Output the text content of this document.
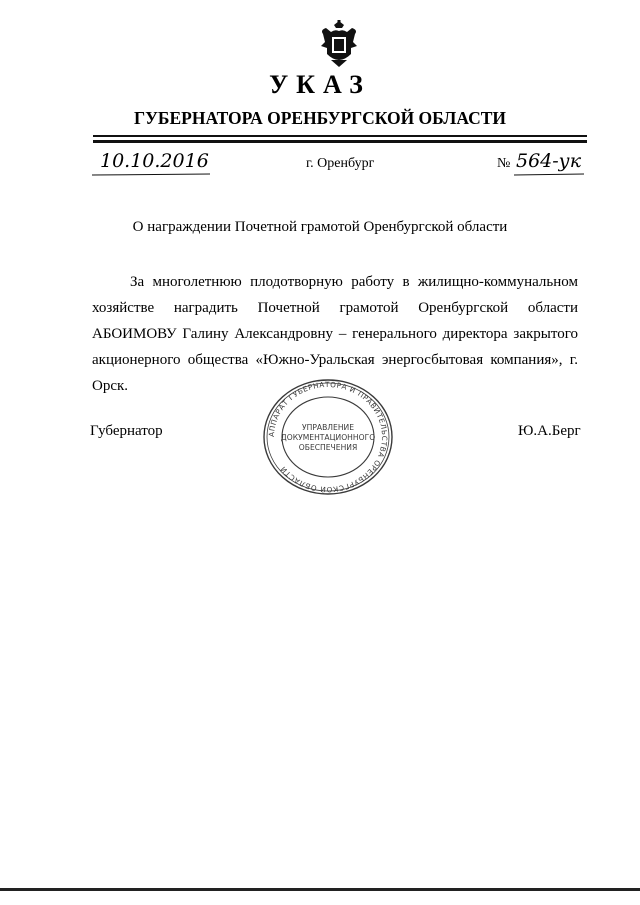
УКАЗ
ГУБЕРНАТОРА ОРЕНБУРГСКОЙ ОБЛАСТИ
10.10.2016	г. Оренбург	№ 564-ук
О награждении Почетной грамотой Оренбургской области
За многолетнюю плодотворную работу в жилищно-коммунальном хозяйстве наградить Почетной грамотой Оренбургской области АБОИМОВУ Галину Александровну – генерального директора закрытого акционерного общества «Южно-Уральская энергосбытовая компания», г. Орск.
Губернатор	Ю.А.Берг
АППАРАТ ГУБЕРНАТОРА И ПРАВИТЕЛЬСТВА ОРЕНБУРГСКОЙ ОБЛАСТИ
УПРАВЛЕНИЕ
ДОКУМЕНТАЦИОННОГО
ОБЕСПЕЧЕНИЯ
